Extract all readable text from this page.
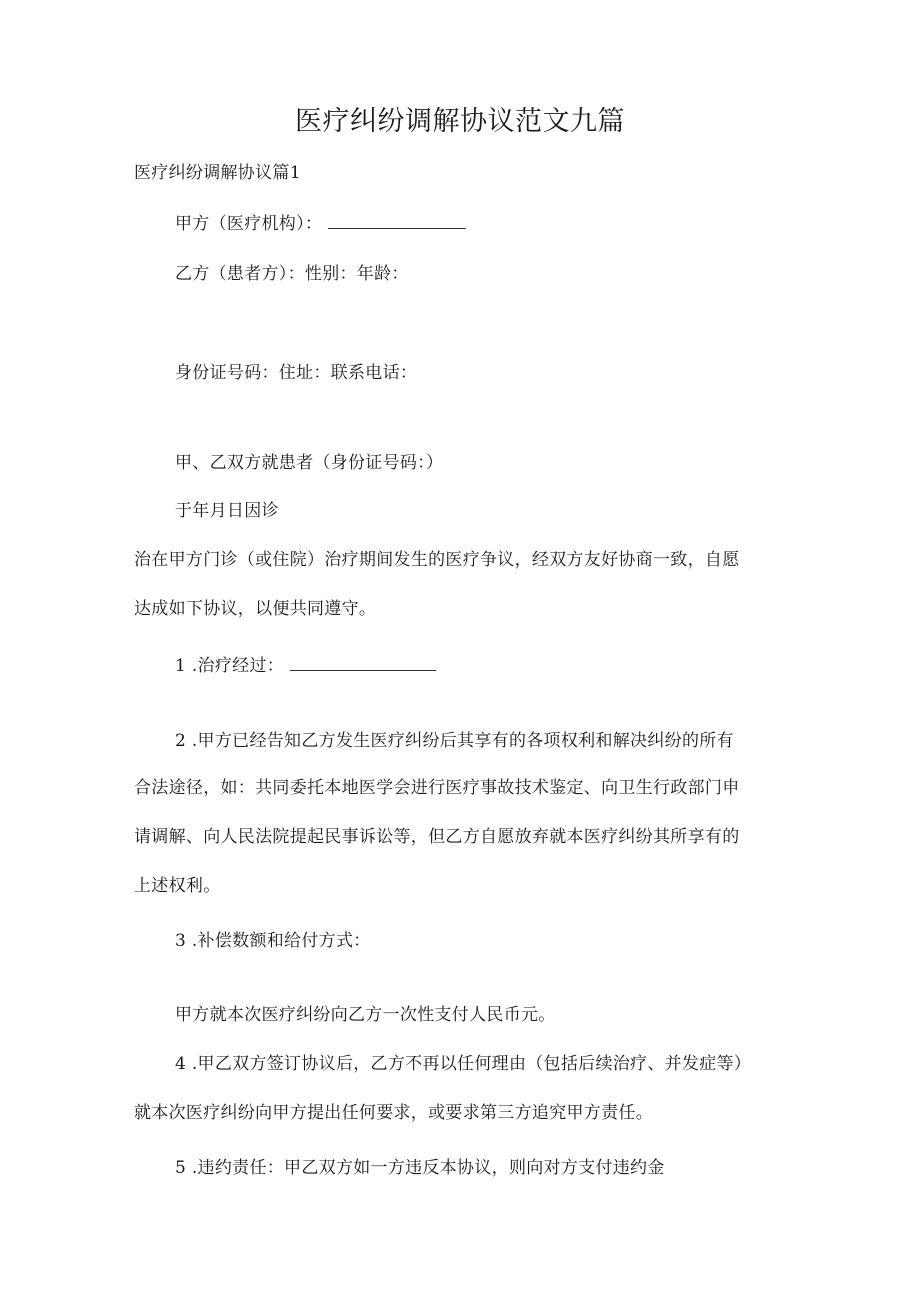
医疗纠纷调解协议范文九篇
医疗纠纷调解协议篇1
甲方（医疗机构）：
乙方（患者方）：性别：年龄：
身份证号码：住址：联系电话：
甲、乙双方就患者（身份证号码：）
于年月日因诊
治在甲方门诊（或住院）治疗期间发生的医疗争议，经双方友好协商一致，自愿
达成如下协议，以便共同遵守。
1 .治疗经过：
2 .甲方已经告知乙方发生医疗纠纷后其享有的各项权利和解决纠纷的所有
合法途径，如：共同委托本地医学会进行医疗事故技术鉴定、向卫生行政部门申
请调解、向人民法院提起民事诉讼等，但乙方自愿放弃就本医疗纠纷其所享有的
上述权利。
3 .补偿数额和给付方式：
甲方就本次医疗纠纷向乙方一次性支付人民币元。
4 .甲乙双方签订协议后，乙方不再以任何理由（包括后续治疗、并发症等）
就本次医疗纠纷向甲方提出任何要求，或要求第三方追究甲方责任。
5 .违约责任：甲乙双方如一方违反本协议，则向对方支付违约金
